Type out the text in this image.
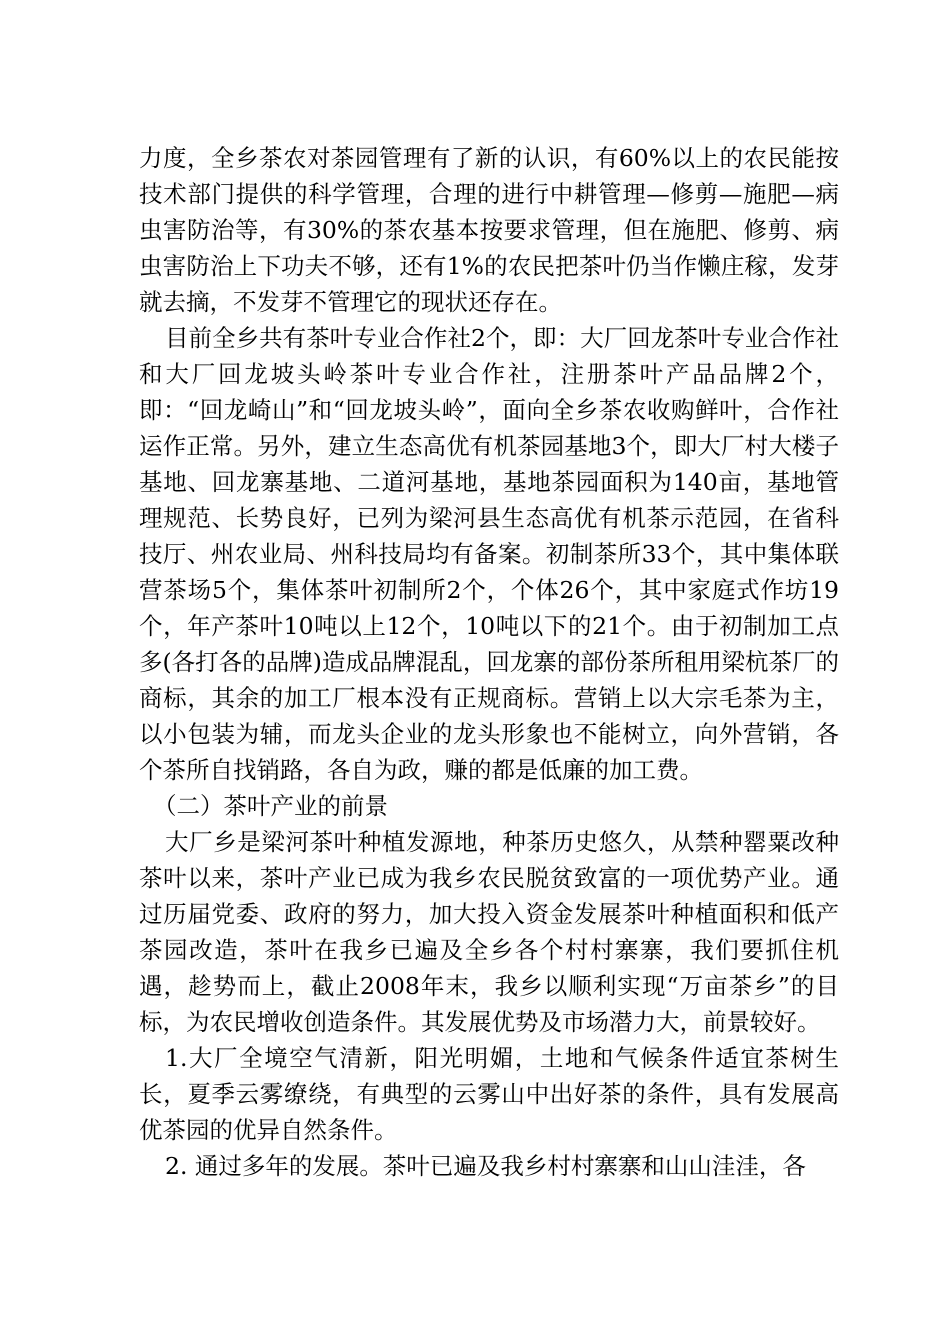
力度，全乡茶农对茶园管理有了新的认识，有60%以上的农民能按技术部门提供的科学管理，合理的进行中耕管理—修剪—施肥—病虫害防治等，有30%的茶农基本按要求管理，但在施肥、修剪、病虫害防治上下功夫不够，还有1%的农民把茶叶仍当作懒庄稼，发芽就去摘，不发芽不管理它的现状还存在。

目前全乡共有茶叶专业合作社2个，即：大厂回龙茶叶专业合作社和大厂回龙坡头岭茶叶专业合作社，注册茶叶产品品牌2个，即：“回龙崎山”和“回龙坡头岭”，面向全乡茶农收购鲜叶，合作社运作正常。另外，建立生态高优有机茶园基地3个，即大厂村大楼子基地、回龙寨基地、二道河基地，基地茶园面积为140亩，基地管理规范、长势良好，已列为梁河县生态高优有机茶示范园，在省科技厅、州农业局、州科技局均有备案。初制茶所33个，其中集体联营茶场5个，集体茶叶初制所2个，个体26个，其中家庭式作坊19个，年产茶叶10吨以上12个，10吨以下的21个。由于初制加工点多(各打各的品牌)造成品牌混乱，回龙寨的部份茶所租用梁杭茶厂的商标，其余的加工厂根本没有正规商标。营销上以大宗毛茶为主，以小包装为辅，而龙头企业的龙头形象也不能树立，向外营销，各个茶所自找销路，各自为政，赚的都是低廉的加工费。

（二）茶叶产业的前景

大厂乡是梁河茶叶种植发源地，种茶历史悠久，从禁种罂粟改种茶叶以来，茶叶产业已成为我乡农民脱贫致富的一项优势产业。通过历届党委、政府的努力，加大投入资金发展茶叶种植面积和低产茶园改造，茶叶在我乡已遍及全乡各个村村寨寨，我们要抓住机遇，趁势而上，截止2008年末，我乡以顺利实现“万亩茶乡”的目标，为农民增收创造条件。其发展优势及市场潜力大，前景较好。

1.大厂全境空气清新，阳光明媚，土地和气候条件适宜茶树生长，夏季云雾缭绕，有典型的云雾山中出好茶的条件，具有发展高优茶园的优异自然条件。

2. 通过多年的发展。茶叶已遍及我乡村村寨寨和山山洼洼，各
